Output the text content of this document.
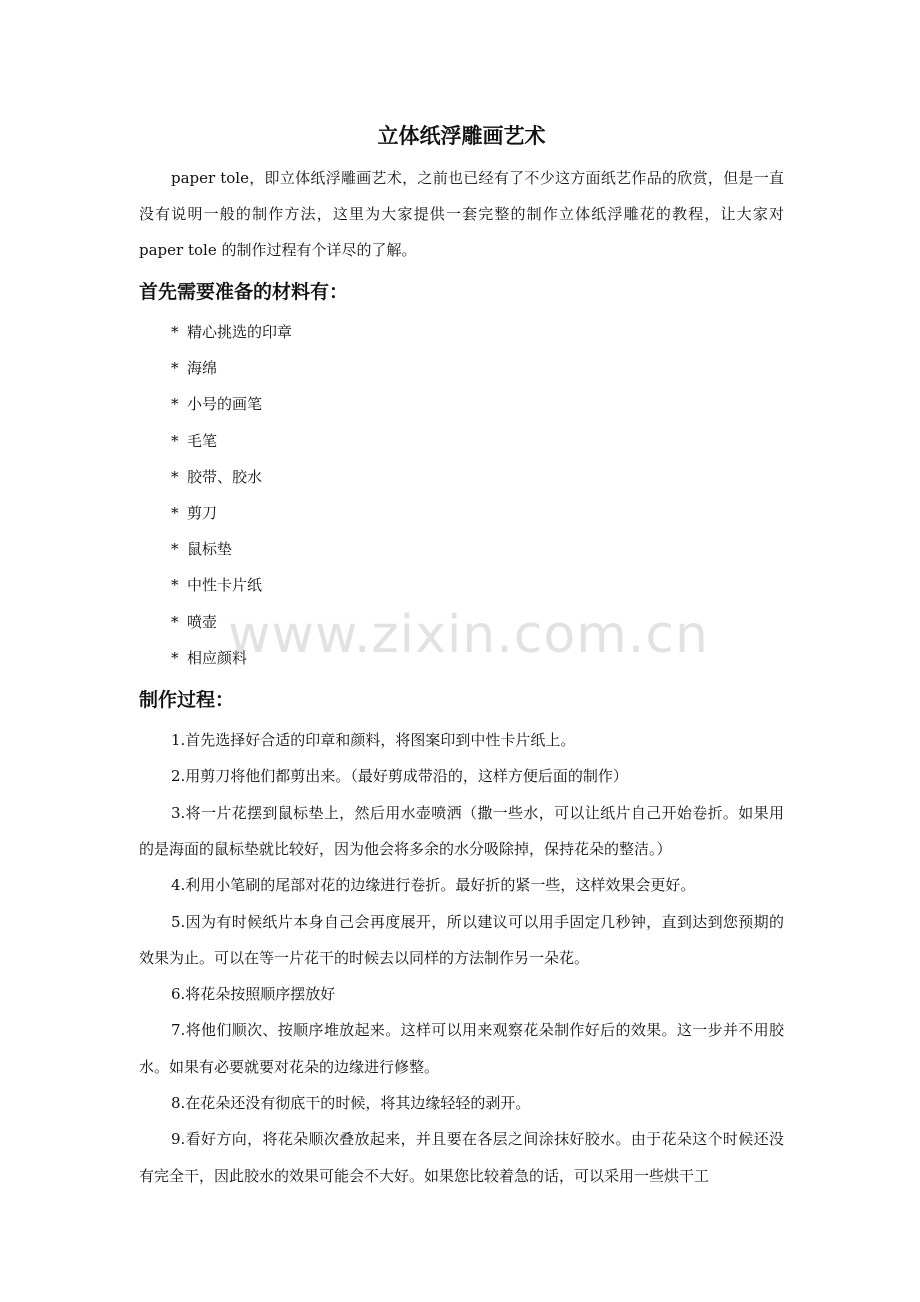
立体纸浮雕画艺术

paper tole，即立体纸浮雕画艺术，之前也已经有了不少这方面纸艺作品的欣赏，但是一直没有说明一般的制作方法，这里为大家提供一套完整的制作立体纸浮雕花的教程，让大家对 paper tole 的制作过程有个详尽的了解。

首先需要准备的材料有：
* 精心挑选的印章
* 海绵
* 小号的画笔
* 毛笔
* 胶带、胶水
* 剪刀
* 鼠标垫
* 中性卡片纸
* 喷壶
* 相应颜料
制作过程：

1.首先选择好合适的印章和颜料，将图案印到中性卡片纸上。

2.用剪刀将他们都剪出来。（最好剪成带沿的，这样方便后面的制作）

3.将一片花摆到鼠标垫上，然后用水壶喷洒（撒一些水，可以让纸片自己开始卷折。如果用的是海面的鼠标垫就比较好，因为他会将多余的水分吸除掉，保持花朵的整洁。）

4.利用小笔刷的尾部对花的边缘进行卷折。最好折的紧一些，这样效果会更好。

5.因为有时候纸片本身自己会再度展开，所以建议可以用手固定几秒钟，直到达到您预期的效果为止。可以在等一片花干的时候去以同样的方法制作另一朵花。

6.将花朵按照顺序摆放好

7.将他们顺次、按顺序堆放起来。这样可以用来观察花朵制作好后的效果。这一步并不用胶水。如果有必要就要对花朵的边缘进行修整。

8.在花朵还没有彻底干的时候，将其边缘轻轻的剥开。

9.看好方向，将花朵顺次叠放起来，并且要在各层之间涂抹好胶水。由于花朵这个时候还没有完全干，因此胶水的效果可能会不大好。如果您比较着急的话，可以采用一些烘干工

www.zixin.com.cn
